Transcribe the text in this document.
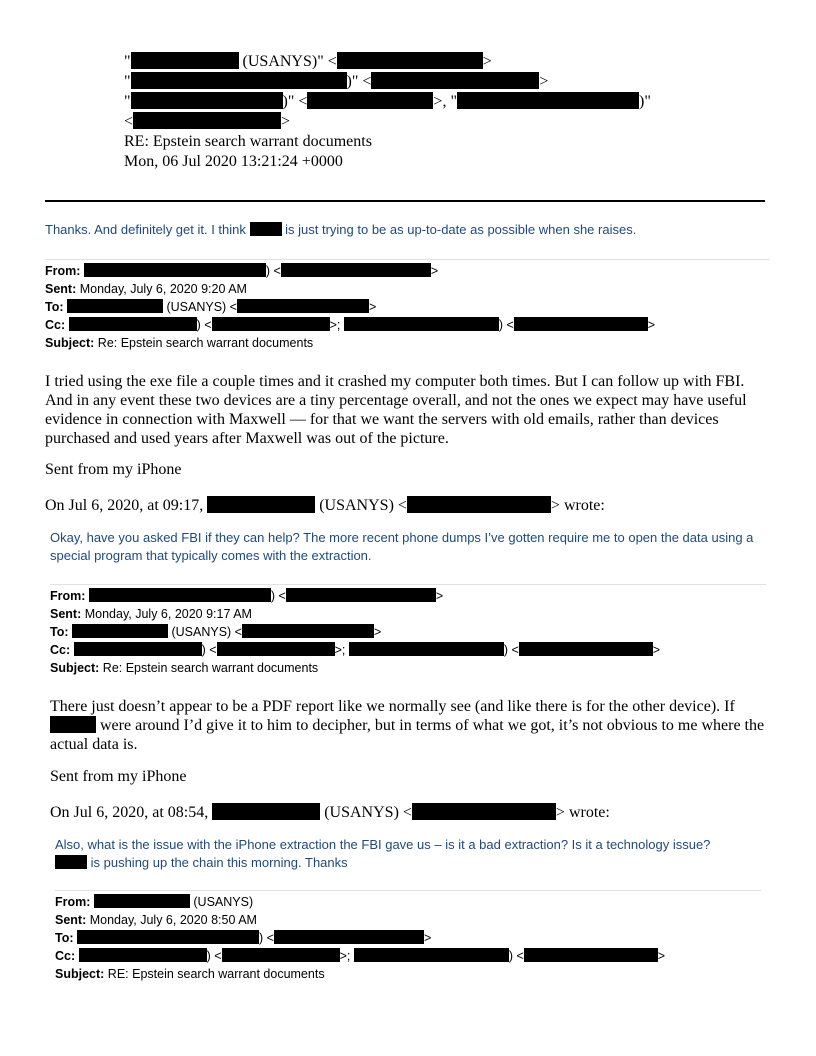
"	(USANYS)" <	>
"	)" <	>
"	)" <	>, "	)"
<	>
RE: Epstein search warrant documents
Mon, 06 Jul 2020 13:21:24 +0000
Thanks. And definitely get it. I think  is just trying to be as up-to-date as possible when she raises.
From:	) <	>
Sent: Monday, July 6, 2020 9:20 AM
To:	(USANYS) <	>
Cc:	) <	>;	) <	>
Subject: Re: Epstein search warrant documents
I tried using the exe file a couple times and it crashed my computer both times. But I can follow up with FBI. And in any event these two devices are a tiny percentage overall, and not the ones we expect may have useful evidence in connection with Maxwell — for that we want the servers with old emails, rather than devices purchased and used years after Maxwell was out of the picture.
Sent from my iPhone
On Jul 6, 2020, at 09:17,	(USANYS) <	> wrote:
Okay, have you asked FBI if they can help? The more recent phone dumps I’ve gotten require me to open the data using a special program that typically comes with the extraction.
From:	) <	>
Sent: Monday, July 6, 2020 9:17 AM
To:	(USANYS) <	>
Cc:	) <	>;	) <	>
Subject: Re: Epstein search warrant documents
There just doesn’t appear to be a PDF report like we normally see (and like there is for the other device). If  were around I’d give it to him to decipher, but in terms of what we got, it’s not obvious to me where the actual data is.
Sent from my iPhone
On Jul 6, 2020, at 08:54,	(USANYS) <	> wrote:
Also, what is the issue with the iPhone extraction the FBI gave us – is it a bad extraction? Is it a technology issue?
is pushing up the chain this morning. Thanks
From:	(USANYS)
Sent: Monday, July 6, 2020 8:50 AM
To:	) <	>
Cc:	) <	>;	) <	>
Subject: RE: Epstein search warrant documents
